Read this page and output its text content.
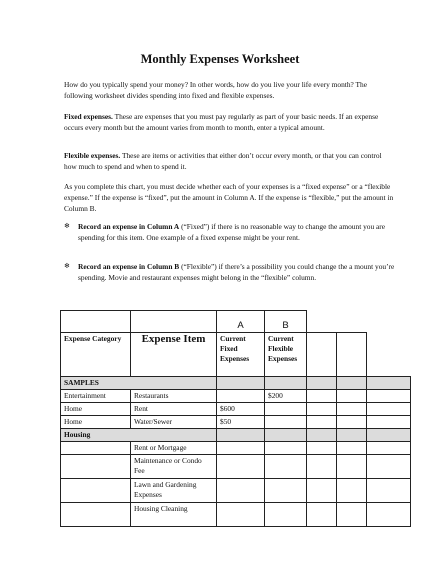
Monthly Expenses Worksheet
How do you typically spend your money? In other words, how do you live your life every month? The following worksheet divides spending into fixed and flexible expenses.
Fixed expenses. These are expenses that you must pay regularly as part of your basic needs. If an expense occurs every month but the amount varies from month to month, enter a typical amount.
Flexible expenses. These are items or activities that either don’t occur every month, or that you can control how much to spend and when to spend it.
As you complete this chart, you must decide whether each of your expenses is a “fixed expense” or a “flexible expense.” If the expense is “fixed”, put the amount in Column A. If the expense is “flexible,” put the amount in Column B.
❄ Record an expense in Column A (“Fixed”) if there is no reasonable way to change the amount you are spending for this item. One example of a fixed expense might be your rent.
❄ Record an expense in Column B (“Flexible”) if there’s a possibility you could change the a mount you’re spending. Movie and restaurant expenses might belong in the “flexible” column.
		A	B			
Expense Category	Expense Item	Current Fixed Expenses	Current Flexible Expenses			
SAMPLES						
Entertainment	Restaurants		$200			
Home	Rent	$600				
Home	Water/Sewer	$50				
Housing						
	Rent or Mortgage					
	Maintenance or Condo Fee					
	Lawn and Gardening Expenses					
	Housing Cleaning					
